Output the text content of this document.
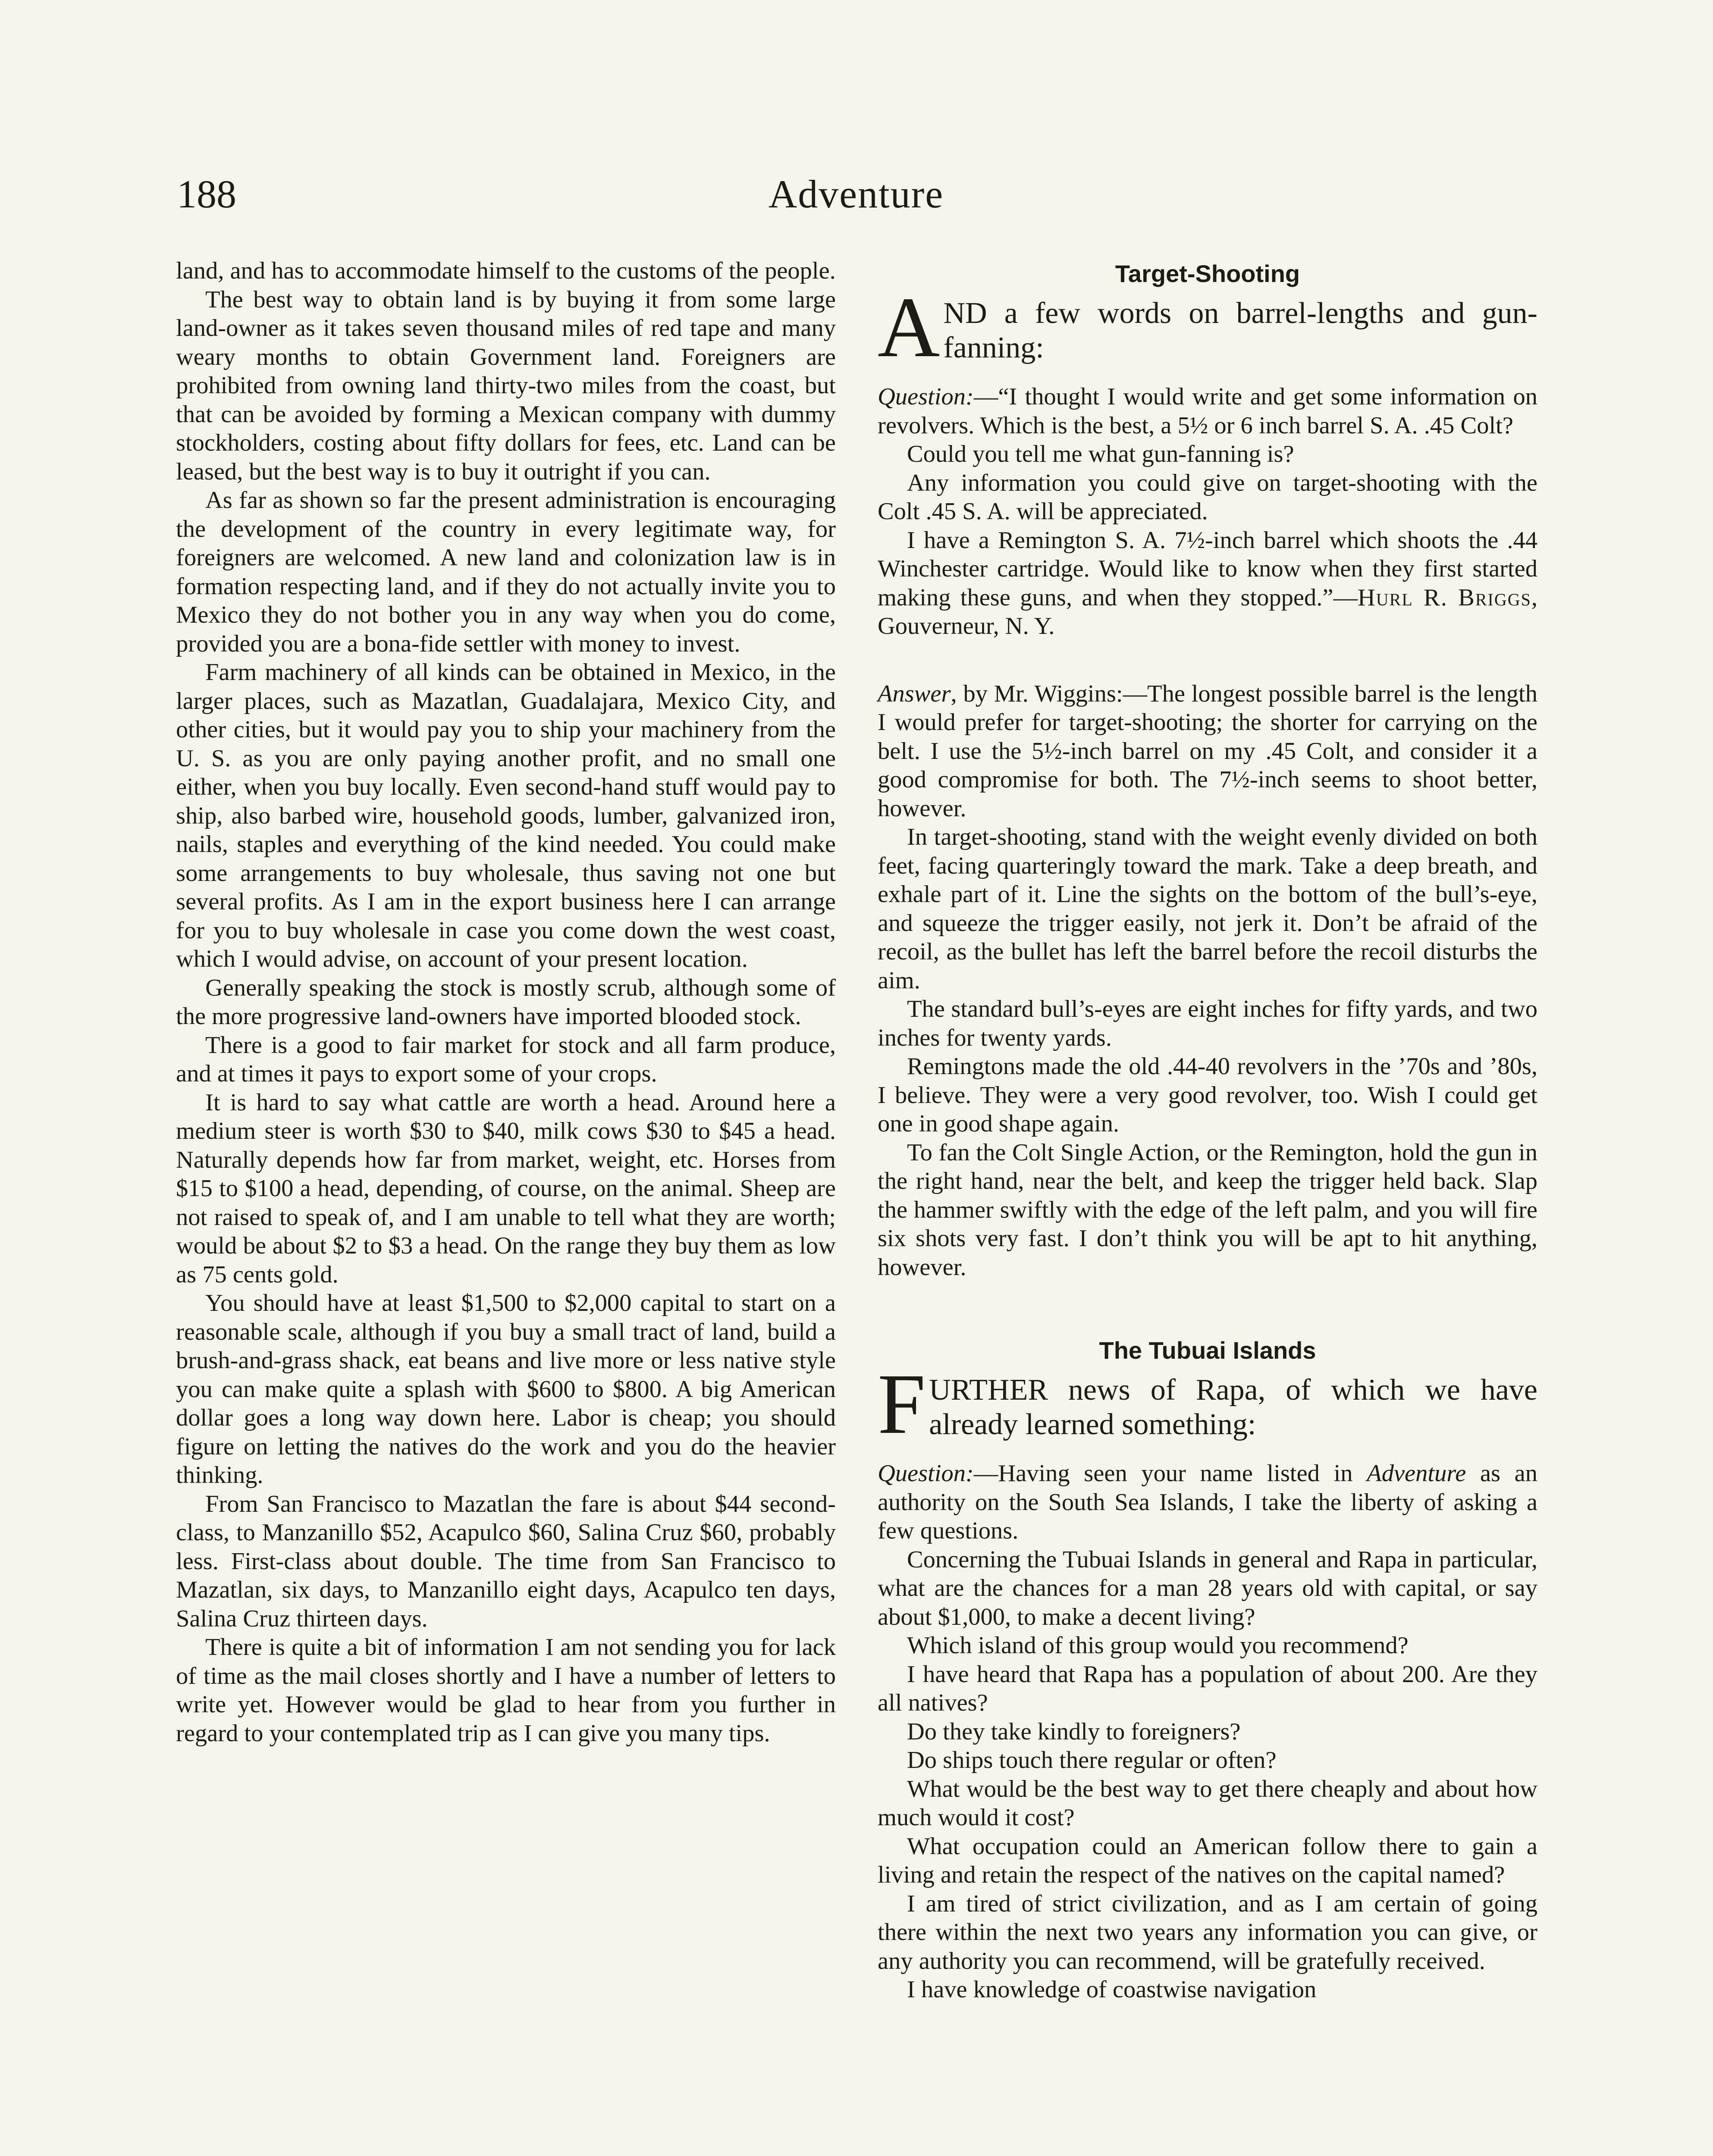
188	Adventure

land, and has to accommodate himself to the customs of the people.

The best way to obtain land is by buying it from some large land-owner as it takes seven thousand miles of red tape and many weary months to obtain Government land. Foreigners are prohibited from owning land thirty-two miles from the coast, but that can be avoided by forming a Mexican company with dummy stockholders, costing about fifty dollars for fees, etc. Land can be leased, but the best way is to buy it outright if you can.

As far as shown so far the present administration is encouraging the development of the country in every legitimate way, for foreigners are welcomed. A new land and colonization law is in formation respecting land, and if they do not actually invite you to Mexico they do not bother you in any way when you do come, provided you are a bona-fide settler with money to invest.

Farm machinery of all kinds can be obtained in Mexico, in the larger places, such as Mazatlan, Guadalajara, Mexico City, and other cities, but it would pay you to ship your machinery from the U. S. as you are only paying another profit, and no small one either, when you buy locally. Even second-hand stuff would pay to ship, also barbed wire, household goods, lumber, galvanized iron, nails, staples and everything of the kind needed. You could make some arrangements to buy wholesale, thus saving not one but several profits. As I am in the export business here I can arrange for you to buy wholesale in case you come down the west coast, which I would advise, on account of your present location.

Generally speaking the stock is mostly scrub, although some of the more progressive land-owners have imported blooded stock.

There is a good to fair market for stock and all farm produce, and at times it pays to export some of your crops.

It is hard to say what cattle are worth a head. Around here a medium steer is worth $30 to $40, milk cows $30 to $45 a head. Naturally depends how far from market, weight, etc. Horses from $15 to $100 a head, depending, of course, on the animal. Sheep are not raised to speak of, and I am unable to tell what they are worth; would be about $2 to $3 a head. On the range they buy them as low as 75 cents gold.

You should have at least $1,500 to $2,000 capital to start on a reasonable scale, although if you buy a small tract of land, build a brush-and-grass shack, eat beans and live more or less native style you can make quite a splash with $600 to $800. A big American dollar goes a long way down here. Labor is cheap; you should figure on letting the natives do the work and you do the heavier thinking.

From San Francisco to Mazatlan the fare is about $44 second-class, to Manzanillo $52, Acapulco $60, Salina Cruz $60, probably less. First-class about double. The time from San Francisco to Mazatlan, six days, to Manzanillo eight days, Acapulco ten days, Salina Cruz thirteen days.

There is quite a bit of information I am not sending you for lack of time as the mail closes shortly and I have a number of letters to write yet. However would be glad to hear from you further in regard to your contemplated trip as I can give you many tips.

Target-Shooting
A ND a few words on barrel-lengths and gun-fanning:

Question:—“I thought I would write and get some information on revolvers. Which is the best, a 5½ or 6 inch barrel S. A. .45 Colt?

Could you tell me what gun-fanning is?

Any information you could give on target-shooting with the Colt .45 S. A. will be appreciated.

I have a Remington S. A. 7½-inch barrel which shoots the .44 Winchester cartridge. Would like to know when they first started making these guns, and when they stopped.”—Hurl R. Briggs, Gouverneur, N. Y.

Answer, by Mr. Wiggins:—The longest possible barrel is the length I would prefer for target-shooting; the shorter for carrying on the belt. I use the 5½-inch barrel on my .45 Colt, and consider it a good compromise for both. The 7½-inch seems to shoot better, however.

In target-shooting, stand with the weight evenly divided on both feet, facing quarteringly toward the mark. Take a deep breath, and exhale part of it. Line the sights on the bottom of the bull’s-eye, and squeeze the trigger easily, not jerk it. Don’t be afraid of the recoil, as the bullet has left the barrel before the recoil disturbs the aim.

The standard bull’s-eyes are eight inches for fifty yards, and two inches for twenty yards.

Remingtons made the old .44-40 revolvers in the ’70s and ’80s, I believe. They were a very good revolver, too. Wish I could get one in good shape again.

To fan the Colt Single Action, or the Remington, hold the gun in the right hand, near the belt, and keep the trigger held back. Slap the hammer swiftly with the edge of the left palm, and you will fire six shots very fast. I don’t think you will be apt to hit anything, however.

The Tubuai Islands
F URTHER news of Rapa, of which we have already learned something:

Question:—Having seen your name listed in Adventure as an authority on the South Sea Islands, I take the liberty of asking a few questions.

Concerning the Tubuai Islands in general and Rapa in particular, what are the chances for a man 28 years old with capital, or say about $1,000, to make a decent living?

Which island of this group would you recommend?

I have heard that Rapa has a population of about 200. Are they all natives?

Do they take kindly to foreigners?

Do ships touch there regular or often?

What would be the best way to get there cheaply and about how much would it cost?

What occupation could an American follow there to gain a living and retain the respect of the natives on the capital named?

I am tired of strict civilization, and as I am certain of going there within the next two years any information you can give, or any authority you can recommend, will be gratefully received.

I have knowledge of coastwise navigation
